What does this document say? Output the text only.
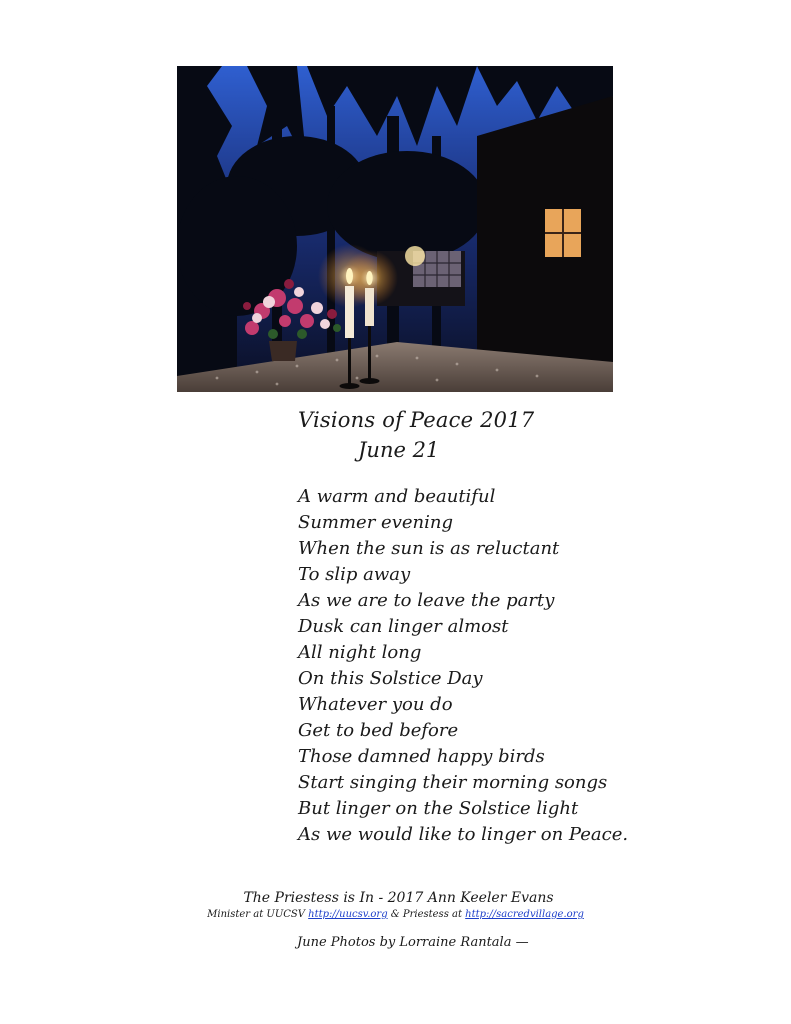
Visions of Peace 2017
June 21
A warm and beautiful
Summer evening
When the sun is as reluctant
To slip away
As we are to leave the party
Dusk can linger almost
All night long
On this Solstice Day
Whatever you do
Get to bed before
Those damned happy birds
Start singing their morning songs
But linger on the Solstice light
As we would like to linger on Peace.
The Priestess is In - 2017 Ann Keeler Evans
Minister at UUCSV http://uucsv.org & Priestess at http://sacredvillage.org
June Photos by Lorraine Rantala —
